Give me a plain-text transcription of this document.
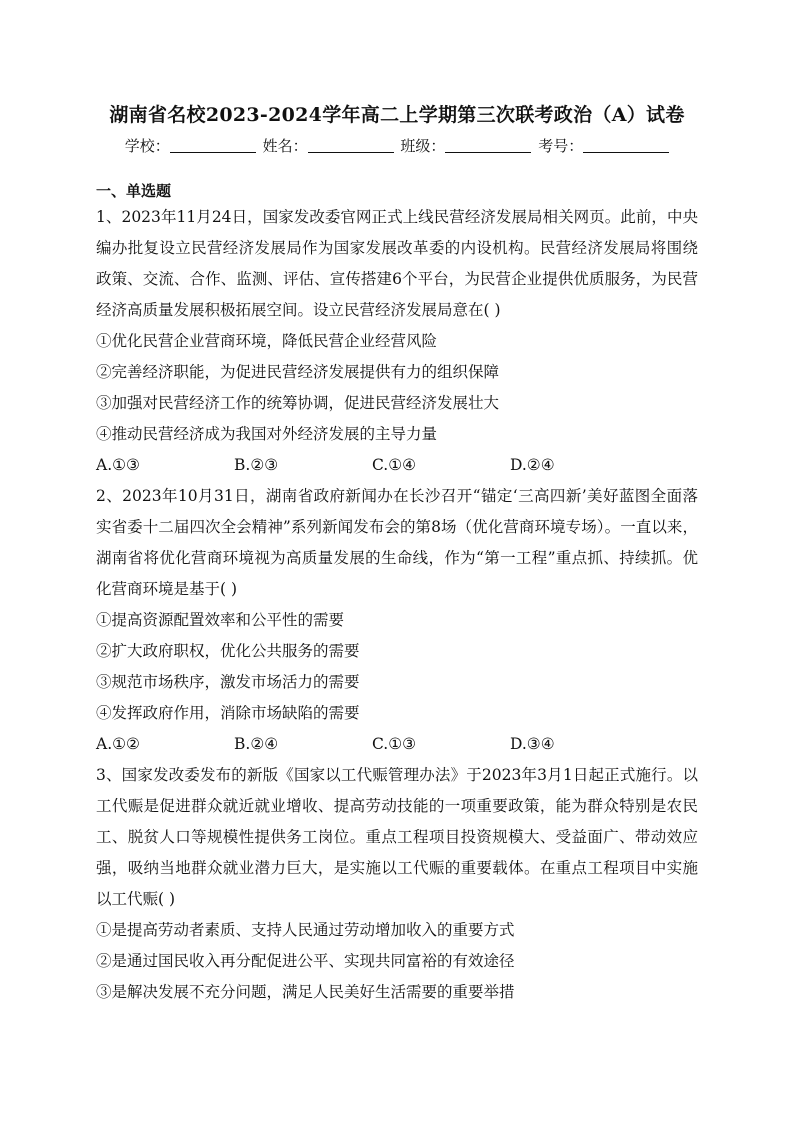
湖南省名校2023-2024学年高二上学期第三次联考政治（A）试卷
学校：	姓名：	班级：	考号：
一、单选题
1、2023年11月24日，国家发改委官网正式上线民营经济发展局相关网页。此前，中央编办批复设立民营经济发展局作为国家发展改革委的内设机构。民营经济发展局将围绕政策、交流、合作、监测、评估、宣传搭建6个平台，为民营企业提供优质服务，为民营经济高质量发展积极拓展空间。设立民营经济发展局意在( )
①优化民营企业营商环境，降低民营企业经营风险
②完善经济职能，为促进民营经济发展提供有力的组织保障
③加强对民营经济工作的统筹协调，促进民营经济发展壮大
④推动民营经济成为我国对外经济发展的主导力量
A.①③	B.②③	C.①④	D.②④
2、2023年10月31日，湖南省政府新闻办在长沙召开“锚定‘三高四新’美好蓝图全面落实省委十二届四次全会精神”系列新闻发布会的第8场（优化营商环境专场）。一直以来，湖南省将优化营商环境视为高质量发展的生命线，作为“第一工程”重点抓、持续抓。优化营商环境是基于( )
①提高资源配置效率和公平性的需要
②扩大政府职权，优化公共服务的需要
③规范市场秩序，激发市场活力的需要
④发挥政府作用，消除市场缺陷的需要
A.①②	B.②④	C.①③	D.③④
3、国家发改委发布的新版《国家以工代赈管理办法》于2023年3月1日起正式施行。以工代赈是促进群众就近就业增收、提高劳动技能的一项重要政策，能为群众特别是农民工、脱贫人口等规模性提供务工岗位。重点工程项目投资规模大、受益面广、带动效应强，吸纳当地群众就业潜力巨大，是实施以工代赈的重要载体。在重点工程项目中实施以工代赈( )
①是提高劳动者素质、支持人民通过劳动增加收入的重要方式
②是通过国民收入再分配促进公平、实现共同富裕的有效途径
③是解决发展不充分问题，满足人民美好生活需要的重要举措
